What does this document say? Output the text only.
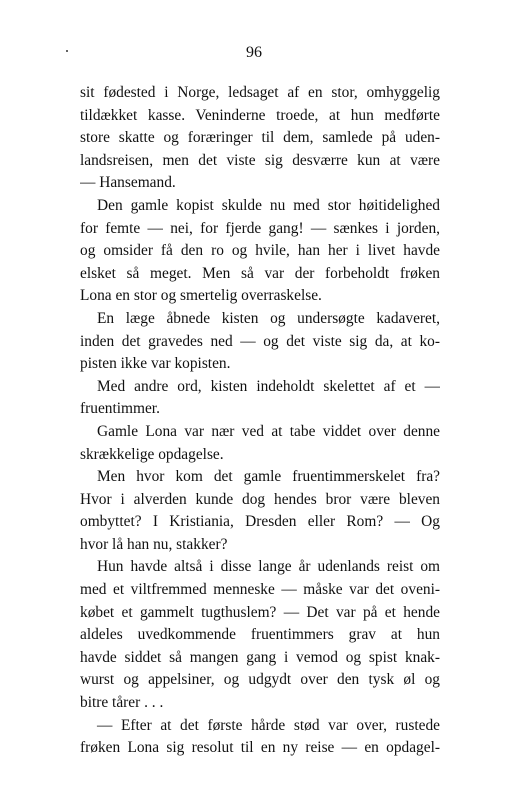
96
sit fødested i Norge, ledsaget af en stor, omhyggelig
tildækket kasse. Veninderne troede, at hun medførte
store skatte og foræringer til dem, samlede på uden-
landsreisen, men det viste sig desværre kun at være
— Hansemand.
Den gamle kopist skulde nu med stor høitidelighed
for femte — nei, for fjerde gang! — sænkes i jorden,
og omsider få den ro og hvile, han her i livet havde
elsket så meget. Men så var der forbeholdt frøken
Lona en stor og smertelig overraskelse.
En læge åbnede kisten og undersøgte kadaveret,
inden det gravedes ned — og det viste sig da, at ko-
pisten ikke var kopisten.
Med andre ord, kisten indeholdt skelettet af et —
fruentimmer.
Gamle Lona var nær ved at tabe viddet over denne
skrækkelige opdagelse.
Men hvor kom det gamle fruentimmerskelet fra?
Hvor i alverden kunde dog hendes bror være bleven
ombyttet? I Kristiania, Dresden eller Rom? — Og
hvor lå han nu, stakker?
Hun havde altså i disse lange år udenlands reist om
med et viltfremmed menneske — måske var det oveni-
købet et gammelt tugthuslem? — Det var på et hende
aldeles uvedkommende fruentimmers grav at hun
havde siddet så mangen gang i vemod og spist knak-
wurst og appelsiner, og udgydt over den tysk øl og
bitre tårer . . .
— Efter at det første hårde stød var over, rustede
frøken Lona sig resolut til en ny reise — en opdagel-
